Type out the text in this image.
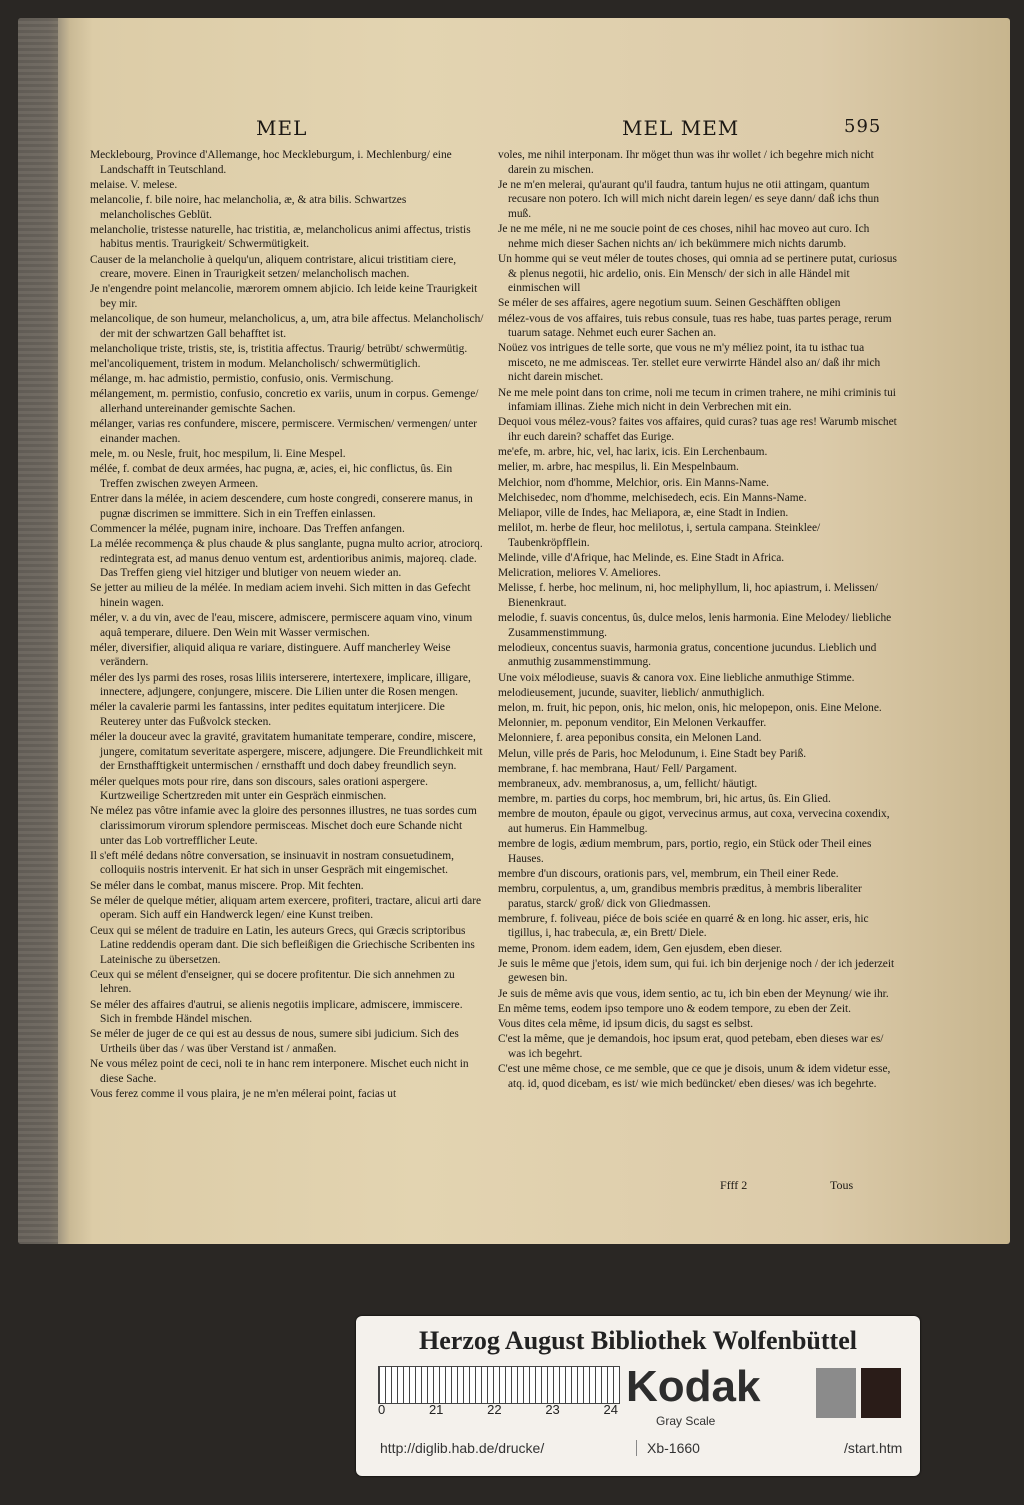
MEL	MEL MEM	595

Mecklebourg, Province d'Allemange, hoc Meckleburgum, i. Mechlenburg/ eine Landschafft in Teutschland.

melaise. V. melese.

melancolie, f. bile noire, hac melancholia, æ, & atra bilis. Schwartzes melancholisches Geblüt.

melancholie, tristesse naturelle, hac tristitia, æ, melancholicus animi affectus, tristis habitus mentis. Traurigkeit/ Schwermütigkeit.

Causer de la melancholie à quelqu'un, aliquem contristare, alicui tristitiam ciere, creare, movere. Einen in Traurigkeit setzen/ melancholisch machen.

Je n'engendre point melancolie, mærorem omnem abjicio. Ich leide keine Traurigkeit bey mir.

melancolique, de son humeur, melancholicus, a, um, atra bile affectus. Melancholisch/ der mit der schwartzen Gall behafftet ist.

melancholique triste, tristis, ste, is, tristitia affectus. Traurig/ betrübt/ schwermütig.

mel'ancoliquement, tristem in modum. Melancholisch/ schwermütiglich.

mélange, m. hac admistio, permistio, confusio, onis. Vermischung.

mélangement, m. permistio, confusio, concretio ex variis, unum in corpus. Gemenge/ allerhand untereinander gemischte Sachen.

mélanger, varias res confundere, miscere, permiscere. Vermischen/ vermengen/ unter einander machen.

mele, m. ou Nesle, fruit, hoc mespilum, li. Eine Mespel.

mélée, f. combat de deux armées, hac pugna, æ, acies, ei, hic conflictus, ûs. Ein Treffen zwischen zweyen Armeen.

Entrer dans la mélée, in aciem descendere, cum hoste congredi, conserere manus, in pugnæ discrimen se immittere. Sich in ein Treffen einlassen.

Commencer la mélée, pugnam inire, inchoare. Das Treffen anfangen.

La mélée recommença & plus chaude & plus sanglante, pugna multo acrior, atrociorq. redintegrata est, ad manus denuo ventum est, ardentioribus animis, majoreq. clade. Das Treffen gieng viel hitziger und blutiger von neuem wieder an.

Se jetter au milieu de la mélée. In mediam aciem invehi. Sich mitten in das Gefecht hinein wagen.

méler, v. a du vin, avec de l'eau, miscere, admiscere, permiscere aquam vino, vinum aquâ temperare, diluere. Den Wein mit Wasser vermischen.

méler, diversifier, aliquid aliqua re variare, distinguere. Auff mancherley Weise verändern.

méler des lys parmi des roses, rosas liliis interserere, intertexere, implicare, illigare, innectere, adjungere, conjungere, miscere. Die Lilien unter die Rosen mengen.

méler la cavalerie parmi les fantassins, inter pedites equitatum interjicere. Die Reuterey unter das Fußvolck stecken.

méler la douceur avec la gravité, gravitatem humanitate temperare, condire, miscere, jungere, comitatum severitate aspergere, miscere, adjungere. Die Freundlichkeit mit der Ernsthafftigkeit untermischen / ernsthafft und doch dabey freundlich seyn.

méler quelques mots pour rire, dans son discours, sales orationi aspergere. Kurtzweilige Schertzreden mit unter ein Gespräch einmischen.

Ne mélez pas vôtre infamie avec la gloire des personnes illustres, ne tuas sordes cum clarissimorum virorum splendore permisceas. Mischet doch eure Schande nicht unter das Lob vortrefflicher Leute.

Il s'eft mélé dedans nôtre conversation, se insinuavit in nostram consuetudinem, colloquiis nostris intervenit. Er hat sich in unser Gespräch mit eingemischet.

Se méler dans le combat, manus miscere. Prop. Mit fechten.

Se méler de quelque métier, aliquam artem exercere, profiteri, tractare, alicui arti dare operam. Sich auff ein Handwerck legen/ eine Kunst treiben.

Ceux qui se mélent de traduire en Latin, les auteurs Grecs, qui Græcis scriptoribus Latine reddendis operam dant. Die sich befleißigen die Griechische Scribenten ins Lateinische zu übersetzen.

Ceux qui se mélent d'enseigner, qui se docere profitentur. Die sich annehmen zu lehren.

Se méler des affaires d'autrui, se alienis negotiis implicare, admiscere, immiscere. Sich in frembde Händel mischen.

Se méler de juger de ce qui est au dessus de nous, sumere sibi judicium. Sich des Urtheils über das / was über Verstand ist / anmaßen.

Ne vous mélez point de ceci, noli te in hanc rem interponere. Mischet euch nicht in diese Sache.

Vous ferez comme il vous plaira, je ne m'en mélerai point, facias ut

voles, me nihil interponam. Ihr möget thun was ihr wollet / ich begehre mich nicht darein zu mischen.

Je ne m'en melerai, qu'aurant qu'il faudra, tantum hujus ne otii attingam, quantum recusare non potero. Ich will mich nicht darein legen/ es seye dann/ daß ichs thun muß.

Je ne me méle, ni ne me soucie point de ces choses, nihil hac moveo aut curo. Ich nehme mich dieser Sachen nichts an/ ich bekümmere mich nichts darumb.

Un homme qui se veut méler de toutes choses, qui omnia ad se pertinere putat, curiosus & plenus negotii, hic ardelio, onis. Ein Mensch/ der sich in alle Händel mit einmischen will

Se méler de ses affaires, agere negotium suum. Seinen Geschäfften obligen

mélez-vous de vos affaires, tuis rebus consule, tuas res habe, tuas partes perage, rerum tuarum satage. Nehmet euch eurer Sachen an.

Noüez vos intrigues de telle sorte, que vous ne m'y méliez point, ita tu isthac tua misceto, ne me admisceas. Ter. stellet eure verwirrte Händel also an/ daß ihr mich nicht darein mischet.

Ne me mele point dans ton crime, noli me tecum in crimen trahere, ne mihi criminis tui infamiam illinas. Ziehe mich nicht in dein Verbrechen mit ein.

Dequoi vous mélez-vous? faites vos affaires, quid curas? tuas age res! Warumb mischet ihr euch darein? schaffet das Eurige.

me'efe, m. arbre, hic, vel, hac larix, icis. Ein Lerchenbaum.

melier, m. arbre, hac mespilus, li. Ein Mespelnbaum.

Melchior, nom d'homme, Melchior, oris. Ein Manns-Name.

Melchisedec, nom d'homme, melchisedech, ecis. Ein Manns-Name.

Meliapor, ville de Indes, hac Meliapora, æ, eine Stadt in Indien.

melilot, m. herbe de fleur, hoc melilotus, i, sertula campana. Steinklee/ Taubenkröpfflein.

Melinde, ville d'Afrique, hac Melinde, es. Eine Stadt in Africa.

Melicration, meliores V. Ameliores.

Melisse, f. herbe, hoc melinum, ni, hoc meliphyllum, li, hoc apiastrum, i. Melissen/ Bienenkraut.

melodie, f. suavis concentus, ûs, dulce melos, lenis harmonia. Eine Melodey/ liebliche Zusammenstimmung.

melodieux, concentus suavis, harmonia gratus, concentione jucundus. Lieblich und anmuthig zusammenstimmung.

Une voix mélodieuse, suavis & canora vox. Eine liebliche anmuthige Stimme.

melodieusement, jucunde, suaviter, lieblich/ anmuthiglich.

melon, m. fruit, hic pepon, onis, hic melon, onis, hic melopepon, onis. Eine Melone.

Melonnier, m. peponum venditor, Ein Melonen Verkauffer.

Melonniere, f. area peponibus consita, ein Melonen Land.

Melun, ville prés de Paris, hoc Melodunum, i. Eine Stadt bey Pariß.

membrane, f. hac membrana, Haut/ Fell/ Pargament.

membraneux, adv. membranosus, a, um, fellicht/ häutigt.

membre, m. parties du corps, hoc membrum, bri, hic artus, ûs. Ein Glied.

membre de mouton, épaule ou gigot, vervecinus armus, aut coxa, vervecina coxendix, aut humerus. Ein Hammelbug.

membre de logis, ædium membrum, pars, portio, regio, ein Stück oder Theil eines Hauses.

membre d'un discours, orationis pars, vel, membrum, ein Theil einer Rede.

membru, corpulentus, a, um, grandibus membris præditus, à membris liberaliter paratus, starck/ groß/ dick von Gliedmassen.

membrure, f. foliveau, piéce de bois sciée en quarré & en long. hic asser, eris, hic tigillus, i, hac trabecula, æ, ein Brett/ Diele.

meme, Pronom. idem eadem, idem, Gen ejusdem, eben dieser.

Je suis le même que j'etois, idem sum, qui fui. ich bin derjenige noch / der ich jederzeit gewesen bin.

Je suis de même avis que vous, idem sentio, ac tu, ich bin eben der Meynung/ wie ihr.

En même tems, eodem ipso tempore uno & eodem tempore, zu eben der Zeit.

Vous dites cela même, id ipsum dicis, du sagst es selbst.

C'est la même, que je demandois, hoc ipsum erat, quod petebam, eben dieses war es/ was ich begehrt.

C'est une même chose, ce me semble, que ce que je disois, unum & idem videtur esse, atq. id, quod dicebam, es ist/ wie mich bedüncket/ eben dieses/ was ich begehrte.

Ffff 2	Tous
Herzog August Bibliothek Wolfenbüttel
0	21	22	23	24 Kodak
Gray Scale
http://diglib.hab.de/drucke/	Xb-1660	/start.htm
